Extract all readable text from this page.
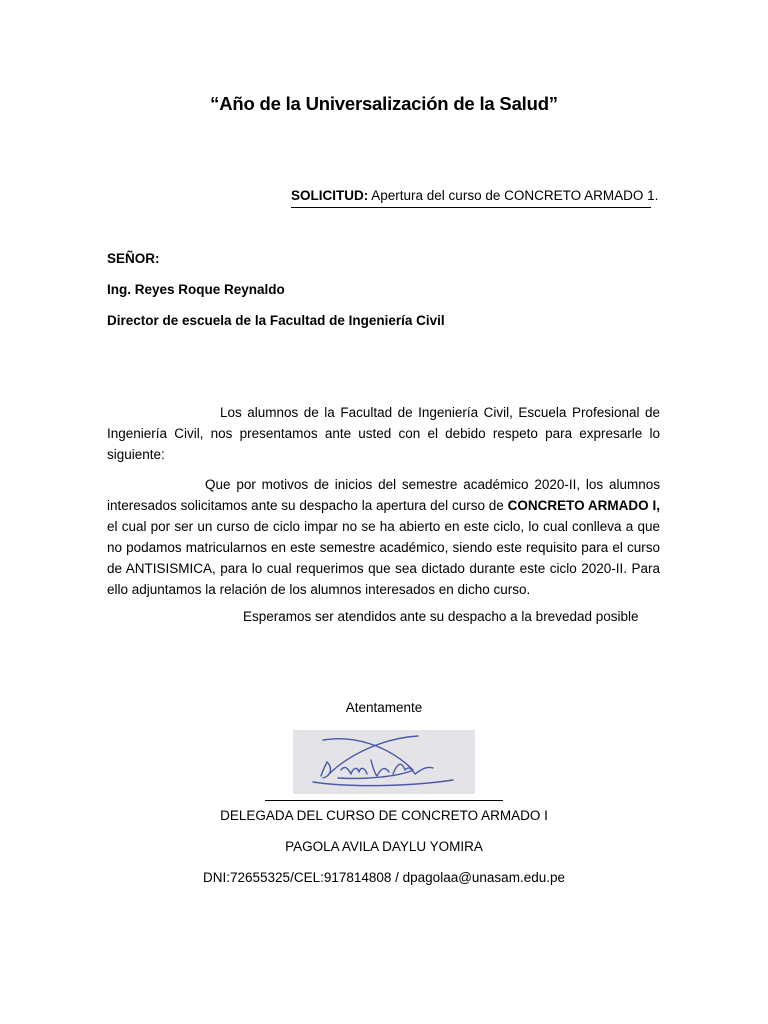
“Año de la Universalización de la Salud”
SOLICITUD: Apertura del curso de CONCRETO ARMADO 1.
SEÑOR:
Ing. Reyes Roque Reynaldo
Director de escuela de la Facultad de Ingeniería Civil
Los alumnos de la Facultad de Ingeniería Civil, Escuela Profesional de Ingeniería Civil, nos presentamos ante usted con el debido respeto para expresarle lo siguiente:
Que por motivos de inicios del semestre académico 2020-II, los alumnos interesados solicitamos ante su despacho la apertura del curso de CONCRETO ARMADO I, el cual por ser un curso de ciclo impar no se ha abierto en este ciclo, lo cual conlleva a que no podamos matricularnos en este semestre académico, siendo este requisito para el curso de ANTISISMICA, para lo cual requerimos que sea dictado durante este ciclo 2020-II. Para ello adjuntamos la relación de los alumnos interesados en dicho curso.
Esperamos ser atendidos ante su despacho a la brevedad posible
Atentamente
DELEGADA DEL CURSO DE CONCRETO ARMADO I
PAGOLA AVILA DAYLU YOMIRA
DNI:72655325/CEL:917814808 / dpagolaa@unasam.edu.pe
